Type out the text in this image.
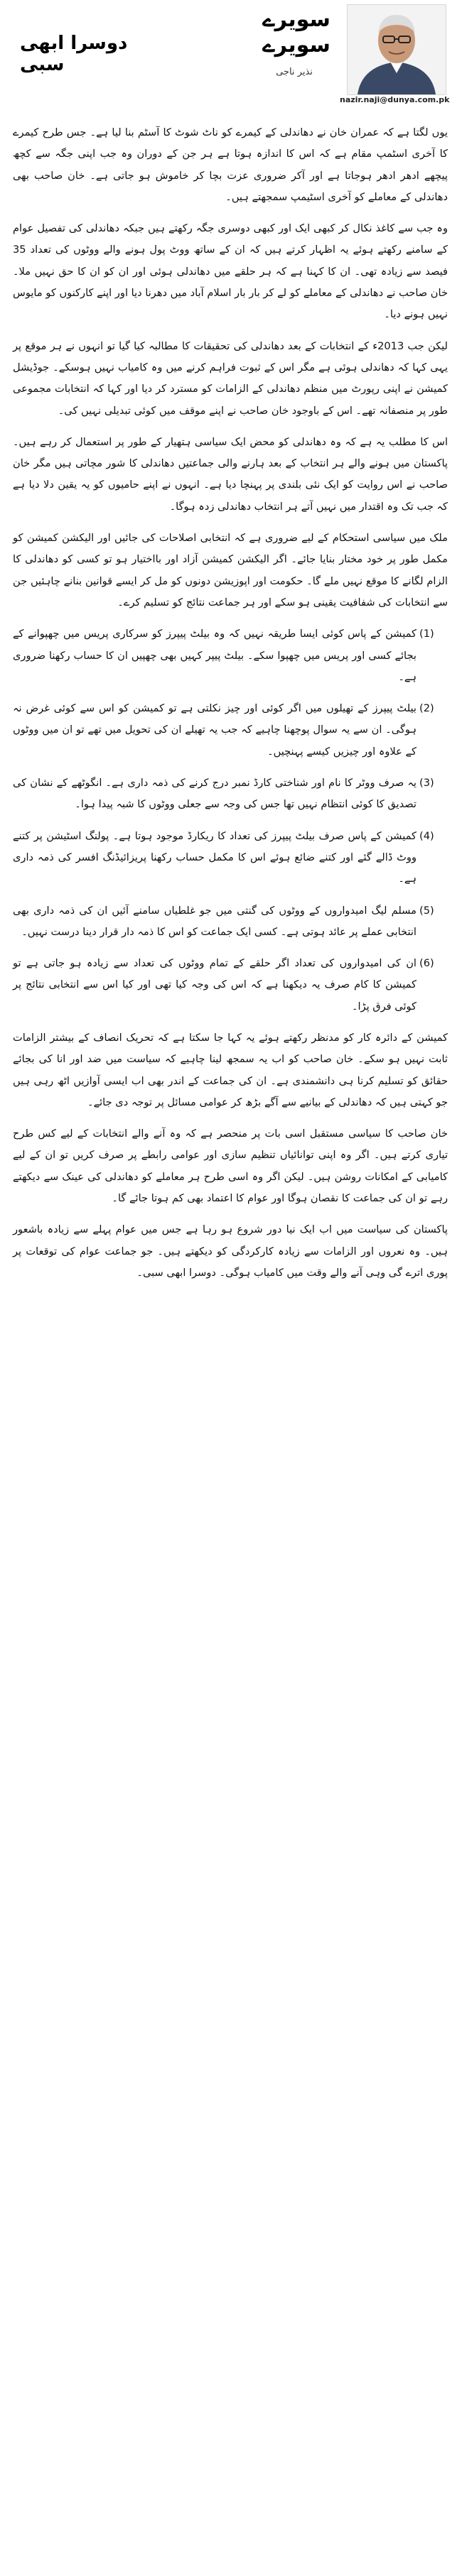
nazir.naji@dunya.com.pk
سویرے
سویرے
نذیر ناجی
دوسرا ابھی سبی

یوں لگتا ہے کہ عمران خان نے دھاندلی کے کیمرے کو ناٹ شوٹ کا آسٹم بنا لیا ہے۔ جس طرح کیمرے کا آخری اسٹمپ مقام ہے کہ اس کا اندازہ ہوتا ہے ہر جن کے دوران وہ جب اپنی جگہ سے کچھ پیچھے ادھر ادھر ہوجاتا ہے اور آکر ضروری عزت بچا کر خاموش ہو جاتی ہے۔ خان صاحب بھی دھاندلی کے معاملے کو آخری اسٹیمپ سمجھتے ہیں۔

وہ جب سے کاغذ نکال کر کبھی ایک اور کبھی دوسری جگہ رکھتے ہیں جبکہ دھاندلی کی تفصیل عوام کے سامنے رکھتے ہوئے یہ اظہار کرتے ہیں کہ ان کے ساتھ ووٹ پول ہونے والے ووٹوں کی تعداد 35 فیصد سے زیادہ تھی۔ ان کا کہنا ہے کہ ہر حلقے میں دھاندلی ہوئی اور ان کو ان کا حق نہیں ملا۔ خان صاحب نے دھاندلی کے معاملے کو لے کر بار بار اسلام آباد میں دھرنا دیا اور اپنے کارکنوں کو مایوس نہیں ہونے دیا۔

لیکن جب 2013ء کے انتخابات کے بعد دھاندلی کی تحقیقات کا مطالبہ کیا گیا تو انہوں نے ہر موقع پر یہی کہا کہ دھاندلی ہوئی ہے مگر اس کے ثبوت فراہم کرنے میں وہ کامیاب نہیں ہوسکے۔ جوڈیشل کمیشن نے اپنی رپورٹ میں منظم دھاندلی کے الزامات کو مسترد کر دیا اور کہا کہ انتخابات مجموعی طور پر منصفانہ تھے۔ اس کے باوجود خان صاحب نے اپنے موقف میں کوئی تبدیلی نہیں کی۔

اس کا مطلب یہ ہے کہ وہ دھاندلی کو محض ایک سیاسی ہتھیار کے طور پر استعمال کر رہے ہیں۔ پاکستان میں ہونے والے ہر انتخاب کے بعد ہارنے والی جماعتیں دھاندلی کا شور مچاتی ہیں مگر خان صاحب نے اس روایت کو ایک نئی بلندی پر پہنچا دیا ہے۔ انہوں نے اپنے حامیوں کو یہ یقین دلا دیا ہے کہ جب تک وہ اقتدار میں نہیں آتے ہر انتخاب دھاندلی زدہ ہوگا۔

ملک میں سیاسی استحکام کے لیے ضروری ہے کہ انتخابی اصلاحات کی جائیں اور الیکشن کمیشن کو مکمل طور پر خود مختار بنایا جائے۔ اگر الیکشن کمیشن آزاد اور بااختیار ہو تو کسی کو دھاندلی کا الزام لگانے کا موقع نہیں ملے گا۔ حکومت اور اپوزیشن دونوں کو مل کر ایسے قوانین بنانے چاہئیں جن سے انتخابات کی شفافیت یقینی ہو سکے اور ہر جماعت نتائج کو تسلیم کرے۔

(1)
کمیشن کے پاس کوئی ایسا طریقہ نہیں کہ وہ بیلٹ پیپرز کو سرکاری پریس میں چھپوانے کے بجائے کسی اور پریس میں چھپوا سکے۔ بیلٹ پیپر کہیں بھی چھپیں ان کا حساب رکھنا ضروری ہے۔
(2)
بیلٹ پیپرز کے تھیلوں میں اگر کوئی اور چیز نکلتی ہے تو کمیشن کو اس سے کوئی غرض نہ ہوگی۔ ان سے یہ سوال پوچھنا چاہیے کہ جب یہ تھیلے ان کی تحویل میں تھے تو ان میں ووٹوں کے علاوہ اور چیزیں کیسے پہنچیں۔
(3)
یہ صرف ووٹر کا نام اور شناختی کارڈ نمبر درج کرنے کی ذمہ داری ہے۔ انگوٹھے کے نشان کی تصدیق کا کوئی انتظام نہیں تھا جس کی وجہ سے جعلی ووٹوں کا شبہ پیدا ہوا۔
(4)
کمیشن کے پاس صرف بیلٹ پیپرز کی تعداد کا ریکارڈ موجود ہوتا ہے۔ پولنگ اسٹیشن پر کتنے ووٹ ڈالے گئے اور کتنے ضائع ہوئے اس کا مکمل حساب رکھنا پریزائیڈنگ افسر کی ذمہ داری ہے۔
(5)
مسلم لیگ امیدواروں کے ووٹوں کی گنتی میں جو غلطیاں سامنے آئیں ان کی ذمہ داری بھی انتخابی عملے پر عائد ہوتی ہے۔ کسی ایک جماعت کو اس کا ذمہ دار قرار دینا درست نہیں۔
(6)
ان کی امیدواروں کی تعداد اگر حلقے کے تمام ووٹوں کی تعداد سے زیادہ ہو جاتی ہے تو کمیشن کا کام صرف یہ دیکھنا ہے کہ اس کی وجہ کیا تھی اور کیا اس سے انتخابی نتائج پر کوئی فرق پڑا۔

کمیشن کے دائرہ کار کو مدنظر رکھتے ہوئے یہ کہا جا سکتا ہے کہ تحریک انصاف کے بیشتر الزامات ثابت نہیں ہو سکے۔ خان صاحب کو اب یہ سمجھ لینا چاہیے کہ سیاست میں ضد اور انا کی بجائے حقائق کو تسلیم کرنا ہی دانشمندی ہے۔ ان کی جماعت کے اندر بھی اب ایسی آوازیں اٹھ رہی ہیں جو کہتی ہیں کہ دھاندلی کے بیانیے سے آگے بڑھ کر عوامی مسائل پر توجہ دی جائے۔

خان صاحب کا سیاسی مستقبل اسی بات پر منحصر ہے کہ وہ آنے والے انتخابات کے لیے کس طرح تیاری کرتے ہیں۔ اگر وہ اپنی توانائیاں تنظیم سازی اور عوامی رابطے پر صرف کریں تو ان کے لیے کامیابی کے امکانات روشن ہیں۔ لیکن اگر وہ اسی طرح ہر معاملے کو دھاندلی کی عینک سے دیکھتے رہے تو ان کی جماعت کا نقصان ہوگا اور عوام کا اعتماد بھی کم ہوتا جائے گا۔

پاکستان کی سیاست میں اب ایک نیا دور شروع ہو رہا ہے جس میں عوام پہلے سے زیادہ باشعور ہیں۔ وہ نعروں اور الزامات سے زیادہ کارکردگی کو دیکھتے ہیں۔ جو جماعت عوام کی توقعات پر پوری اترے گی وہی آنے والے وقت میں کامیاب ہوگی۔ دوسرا ابھی سبی۔
